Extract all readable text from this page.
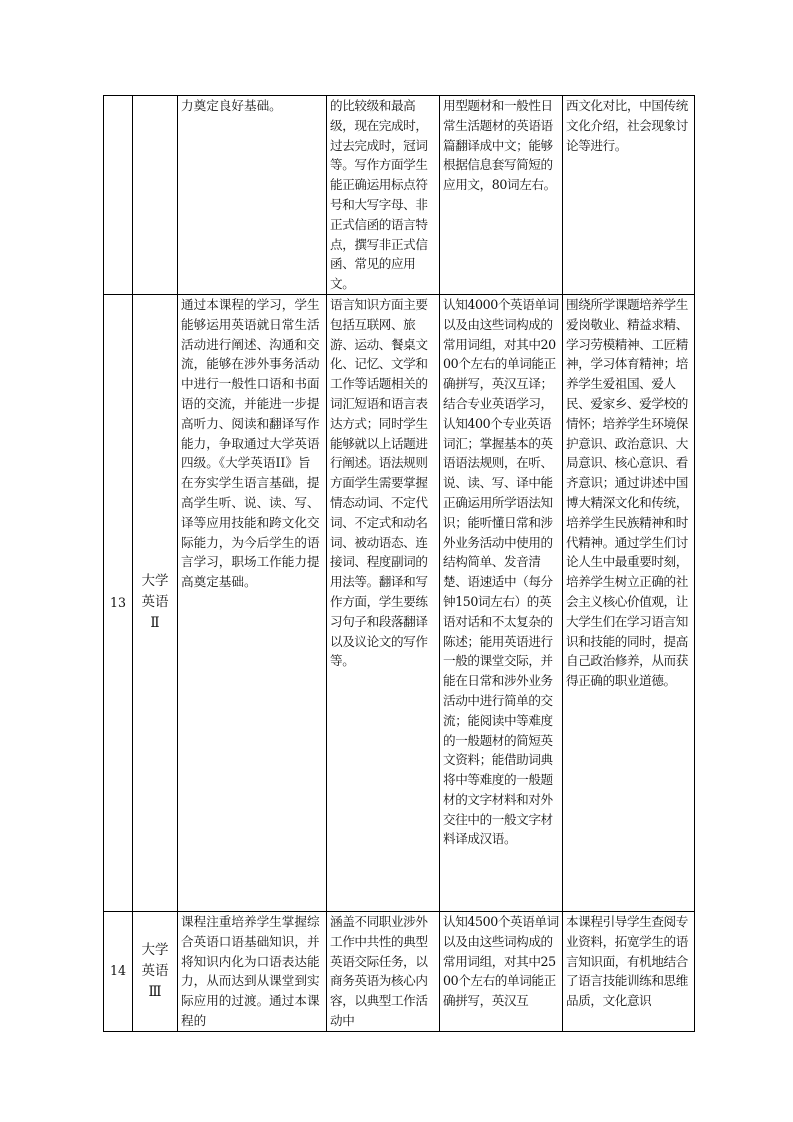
		力奠定良好基础。	的比较级和最高级，现在完成时，过去完成时，冠词等。写作方面学生能正确运用标点符号和大写字母、非正式信函的语言特点，撰写非正式信函、常见的应用文。	用型题材和一般性日常生活题材的英语语篇翻译成中文；能够根据信息套写简短的应用文，80词左右。	西文化对比，中国传统文化介绍，社会现象讨论等进行。
13	大学英语Ⅱ	通过本课程的学习，学生能够运用英语就日常生活活动进行阐述、沟通和交流，能够在涉外事务活动中进行一般性口语和书面语的交流，并能进一步提高听力、阅读和翻译写作能力，争取通过大学英语四级。《大学英语II》旨在夯实学生语言基础，提高学生听、说、读、写、译等应用技能和跨文化交际能力，为今后学生的语言学习，职场工作能力提高奠定基础。	语言知识方面主要包括互联网、旅游、运动、餐桌文化、记忆、文学和工作等话题相关的词汇短语和语言表达方式；同时学生能够就以上话题进行阐述。语法规则方面学生需要掌握情态动词、不定代词、不定式和动名词、被动语态、连接词、程度副词的用法等。翻译和写作方面，学生要练习句子和段落翻译以及议论文的写作等。	认知4000个英语单词以及由这些词构成的常用词组，对其中2000个左右的单词能正确拼写，英汉互译；结合专业英语学习，认知400个专业英语词汇；掌握基本的英语语法规则，在听、说、读、写、译中能正确运用所学语法知识；能听懂日常和涉外业务活动中使用的结构简单、发音清楚、语速适中（每分钟150词左右）的英语对话和不太复杂的陈述；能用英语进行一般的课堂交际，并能在日常和涉外业务活动中进行简单的交流；能阅读中等难度的一般题材的简短英文资料；能借助词典将中等难度的一般题材的文字材料和对外交往中的一般文字材料译成汉语。	围绕所学课题培养学生爱岗敬业、精益求精、学习劳模精神、工匠精神，学习体育精神；培养学生爱祖国、爱人民、爱家乡、爱学校的情怀；培养学生环境保护意识、政治意识、大局意识、核心意识、看齐意识；通过讲述中国博大精深文化和传统，培养学生民族精神和时代精神。通过学生们讨论人生中最重要时刻，培养学生树立正确的社会主义核心价值观，让大学生们在学习语言知识和技能的同时，提高自己政治修养，从而获得正确的职业道德。
14	大学英语Ⅲ	课程注重培养学生掌握综合英语口语基础知识，并将知识内化为口语表达能力，从而达到从课堂到实际应用的过渡。通过本课程的	涵盖不同职业涉外工作中共性的典型英语交际任务，以商务英语为核心内容，以典型工作活动中	认知4500个英语单词以及由这些词构成的常用词组，对其中2500个左右的单词能正确拼写，英汉互	本课程引导学生查阅专业资料，拓宽学生的语言知识面，有机地结合了语言技能训练和思维品质，文化意识
